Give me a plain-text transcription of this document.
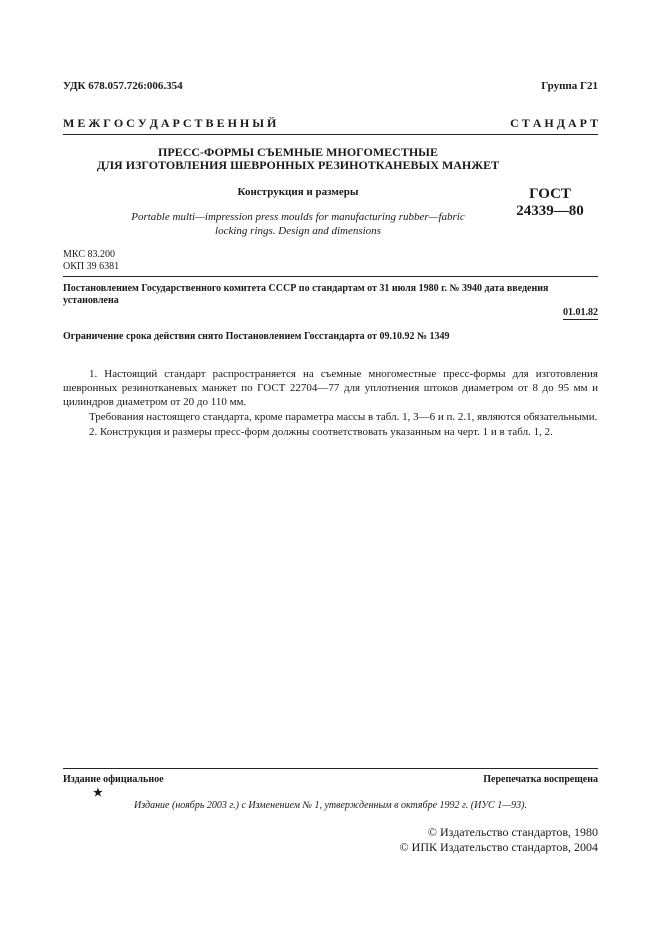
УДК 678.057.726:006.354	Группа Г21
М Е Ж Г О С У Д А Р С Т В Е Н Н Ы Й	С Т А Н Д А Р Т
ПРЕСС-ФОРМЫ СЪЕМНЫЕ МНОГОМЕСТНЫЕ
ДЛЯ ИЗГОТОВЛЕНИЯ ШЕВРОННЫХ РЕЗИНОТКАНЕВЫХ МАНЖЕТ
Конструкция и размеры	ГОСТ
24339—80
Portable multi—impression press moulds for manufacturing rubber—fabric
locking rings. Design and dimensions
МКС 83.200
ОКП 39 6381
Постановлением Государственного комитета СССР по стандартам от 31 июля 1980 г. № 3940 дата введения установлена
01.01.82
Ограничение срока действия снято Постановлением Госстандарта от 09.10.92 № 1349

1. Настоящий стандарт распространяется на съемные многоместные пресс-формы для изготовления шевронных резинотканевых манжет по ГОСТ 22704—77 для уплотнения штоков диаметром от 8 до 95 мм и цилиндров диаметром от 20 до 110 мм.

Требования настоящего стандарта, кроме параметра массы в табл. 1, 3—6 и п. 2.1, являются обязательными.

2. Конструкция и размеры пресс-форм должны соответствовать указанным на черт. 1 и в табл. 1, 2.

Издание официальное	Перепечатка воспрещена
★
Издание (ноябрь 2003 г.) с Изменением № 1, утвержденным в октябре 1992 г. (ИУС 1—93).
© Издательство стандартов, 1980
© ИПК Издательство стандартов, 2004
